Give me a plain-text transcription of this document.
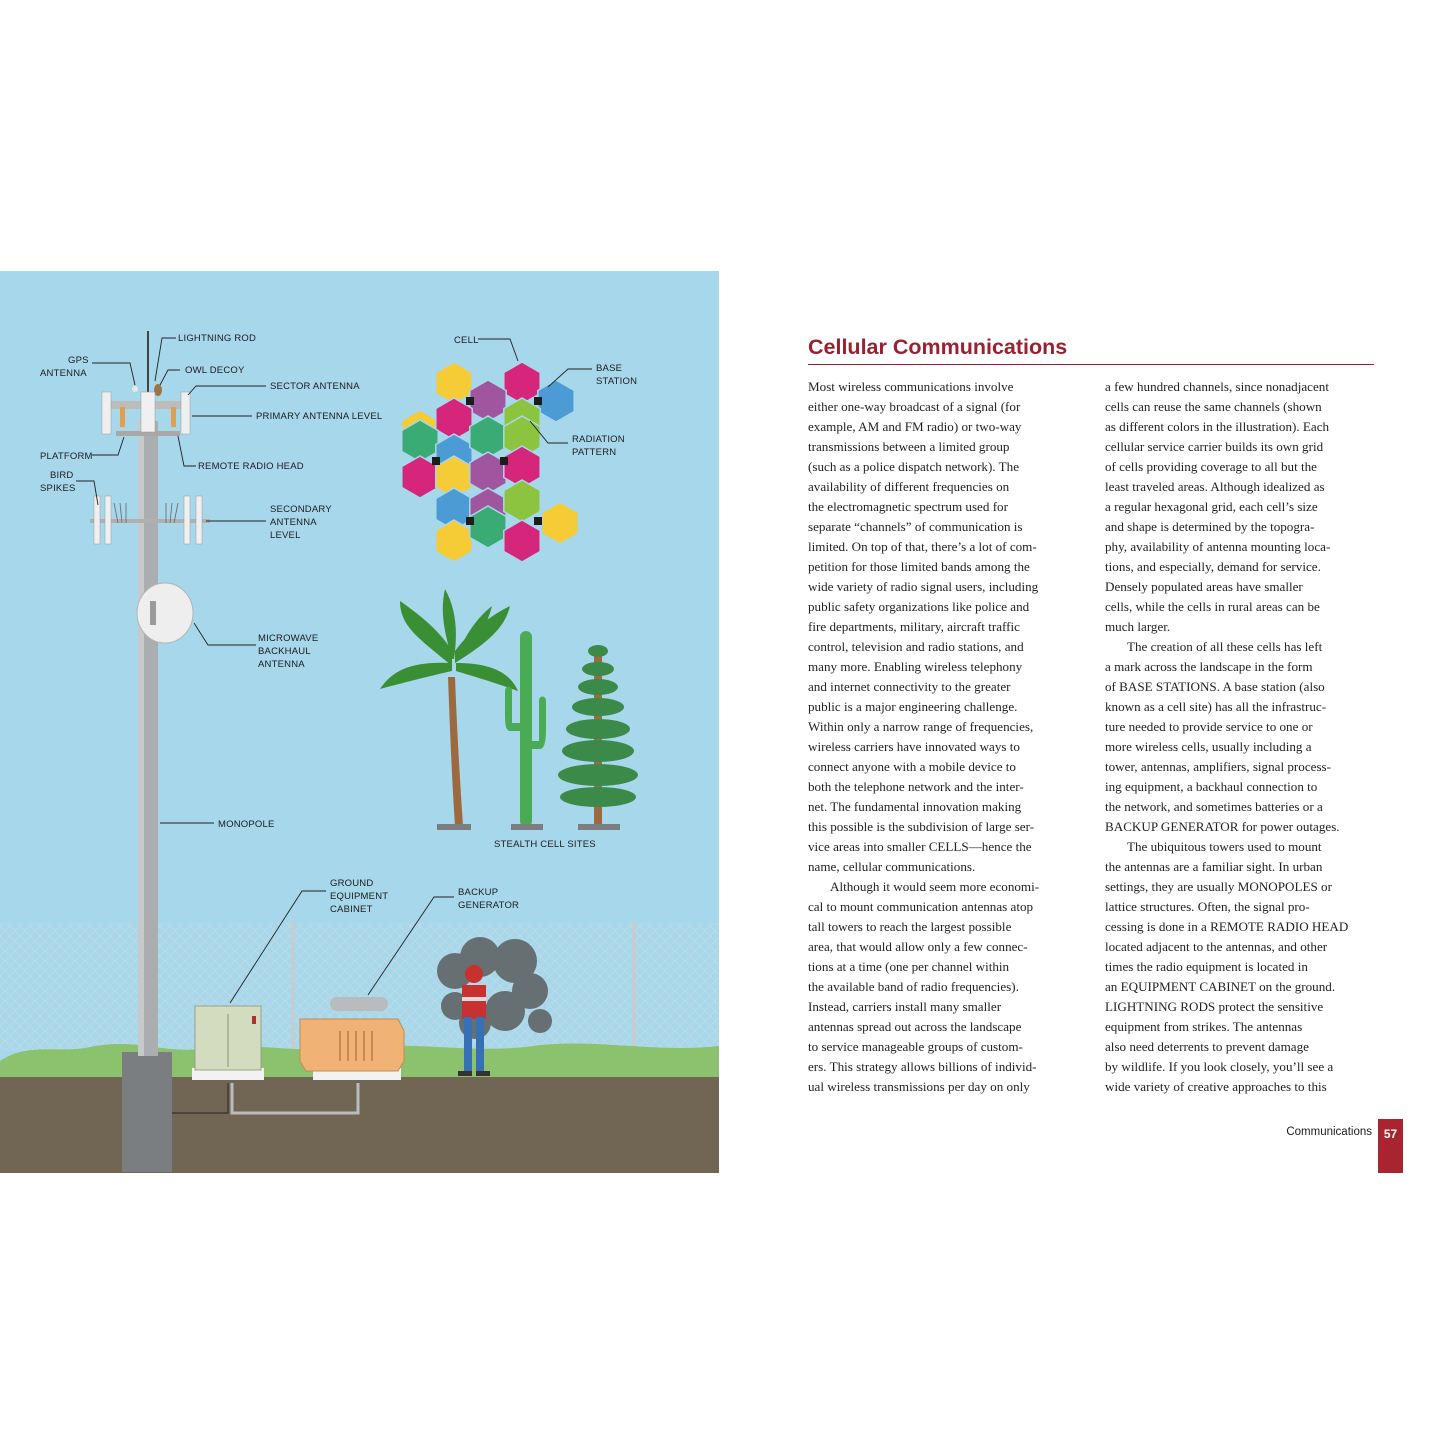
LIGHTNING ROD
GPS
ANTENNA	OWL DECOY
SECTOR ANTENNA
PRIMARY ANTENNA LEVEL
PLATFORM
REMOTE RADIO HEAD
BIRD
SPIKES
SECONDARY
ANTENNA
LEVEL
MICROWAVE
BACKHAUL
ANTENNA
MONOPOLE
CELL
BASE
STATION
RADIATION
PATTERN
STEALTH CELL SITES
GROUND
EQUIPMENT
CABINET
BACKUP
GENERATOR
Cellular Communications
Most wireless communications involve
either one-way broadcast of a signal (for
example, AM and FM radio) or two-way
transmissions between a limited group
(such as a police dispatch network). The
availability of different frequencies on
the electromagnetic spectrum used for
separate “channels” of communication is
limited. On top of that, there’s a lot of com-
petition for those limited bands among the
wide variety of radio signal users, including
public safety organizations like police and
fire departments, military, aircraft traffic
control, television and radio stations, and
many more. Enabling wireless telephony
and internet connectivity to the greater
public is a major engineering challenge.
Within only a narrow range of frequencies,
wireless carriers have innovated ways to
connect anyone with a mobile device to
both the telephone network and the inter-
net. The fundamental innovation making
this possible is the subdivision of large ser-
vice areas into smaller CELLS—hence the
name, cellular communications.
Although it would seem more economi-
cal to mount communication antennas atop
tall towers to reach the largest possible
area, that would allow only a few connec-
tions at a time (one per channel within
the available band of radio frequencies).
Instead, carriers install many smaller
antennas spread out across the landscape
to service manageable groups of custom-
ers. This strategy allows billions of individ-
ual wireless transmissions per day on only
a few hundred channels, since nonadjacent
cells can reuse the same channels (shown
as different colors in the illustration). Each
cellular service carrier builds its own grid
of cells providing coverage to all but the
least traveled areas. Although idealized as
a regular hexagonal grid, each cell’s size
and shape is determined by the topogra-
phy, availability of antenna mounting loca-
tions, and especially, demand for service.
Densely populated areas have smaller
cells, while the cells in rural areas can be
much larger.
The creation of all these cells has left
a mark across the landscape in the form
of BASE STATIONS. A base station (also
known as a cell site) has all the infrastruc-
ture needed to provide service to one or
more wireless cells, usually including a
tower, antennas, amplifiers, signal process-
ing equipment, a backhaul connection to
the network, and sometimes batteries or a
BACKUP GENERATOR for power outages.
The ubiquitous towers used to mount
the antennas are a familiar sight. In urban
settings, they are usually MONOPOLES or
lattice structures. Often, the signal pro-
cessing is done in a REMOTE RADIO HEAD
located adjacent to the antennas, and other
times the radio equipment is located in
an EQUIPMENT CABINET on the ground.
LIGHTNING RODS protect the sensitive
equipment from strikes. The antennas
also need deterrents to prevent damage
by wildlife. If you look closely, you’ll see a
wide variety of creative approaches to this
Communications 57
